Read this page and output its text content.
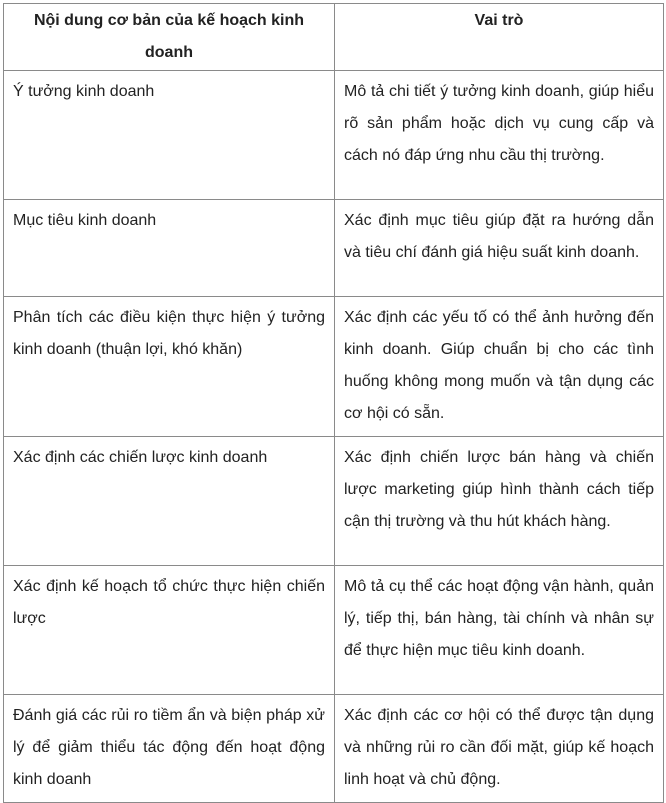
Nội dung cơ bản của kế hoạch kinh doanh	Vai trò
Ý tưởng kinh doanh	Mô tả chi tiết ý tưởng kinh doanh, giúp hiểu rõ sản phẩm hoặc dịch vụ cung cấp và cách nó đáp ứng nhu cầu thị trường.
Mục tiêu kinh doanh	Xác định mục tiêu giúp đặt ra hướng dẫn và tiêu chí đánh giá hiệu suất kinh doanh.
Phân tích các điều kiện thực hiện ý tưởng kinh doanh (thuận lợi, khó khăn)	Xác định các yếu tố có thể ảnh hưởng đến kinh doanh. Giúp chuẩn bị cho các tình huống không mong muốn và tận dụng các cơ hội có sẵn.
Xác định các chiến lược kinh doanh	Xác định chiến lược bán hàng và chiến lược marketing giúp hình thành cách tiếp cận thị trường và thu hút khách hàng.
Xác định kế hoạch tổ chức thực hiện chiến lược	Mô tả cụ thể các hoạt động vận hành, quản lý, tiếp thị, bán hàng, tài chính và nhân sự để thực hiện mục tiêu kinh doanh.
Đánh giá các rủi ro tiềm ẩn và biện pháp xử lý để giảm thiểu tác động đến hoạt động kinh doanh	Xác định các cơ hội có thể được tận dụng và những rủi ro cần đối mặt, giúp kế hoạch linh hoạt và chủ động.
